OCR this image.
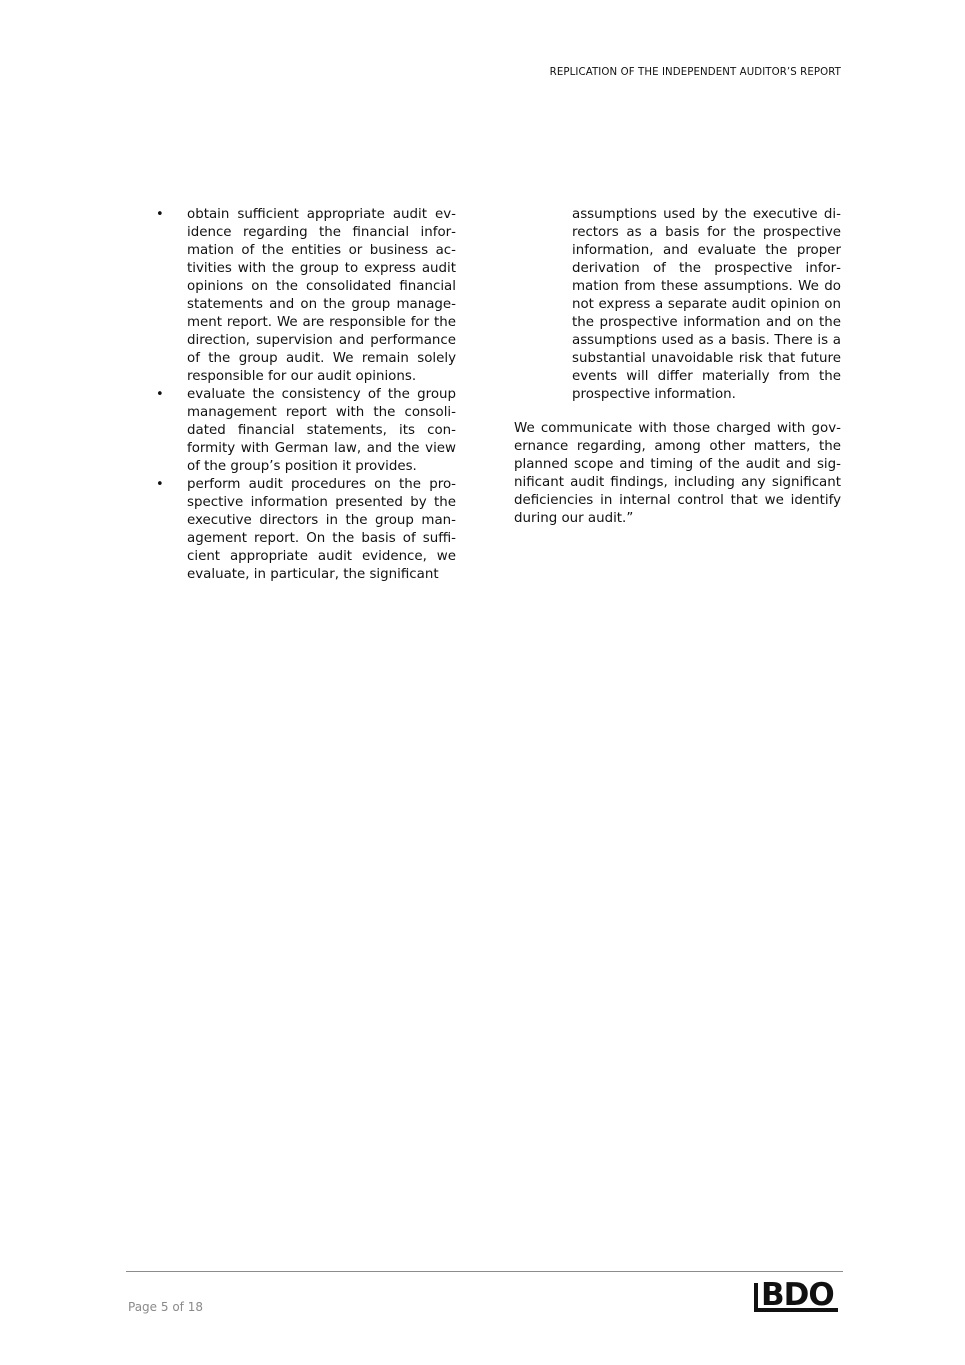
REPLICATION OF THE INDEPENDENT AUDITOR’S REPORT
• obtain sufficient appropriate audit evidence regarding the financial information of the entities or business activities with the group to express audit opinions on the consolidated financial statements and on the group management report. We are responsible for the direction, supervision and performance of the group audit. We remain solely responsible for our audit opinions.
• evaluate the consistency of the group management report with the consolidated financial statements, its conformity with German law, and the view of the group’s position it provides.
• perform audit procedures on the prospective information presented by the executive directors in the group management report. On the basis of sufficient appropriate audit evidence, we evaluate, in particular, the significant

assumptions used by the executive directors as a basis for the prospective information, and evaluate the proper derivation of the prospective information from these assumptions. We do not express a separate audit opinion on the prospective information and on the assumptions used as a basis. There is a substantial unavoidable risk that future events will differ materially from the prospective information.

We communicate with those charged with governance regarding, among other matters, the planned scope and timing of the audit and significant audit findings, including any significant deficiencies in internal control that we identify during our audit.”

Page 5 of 18	BDO
